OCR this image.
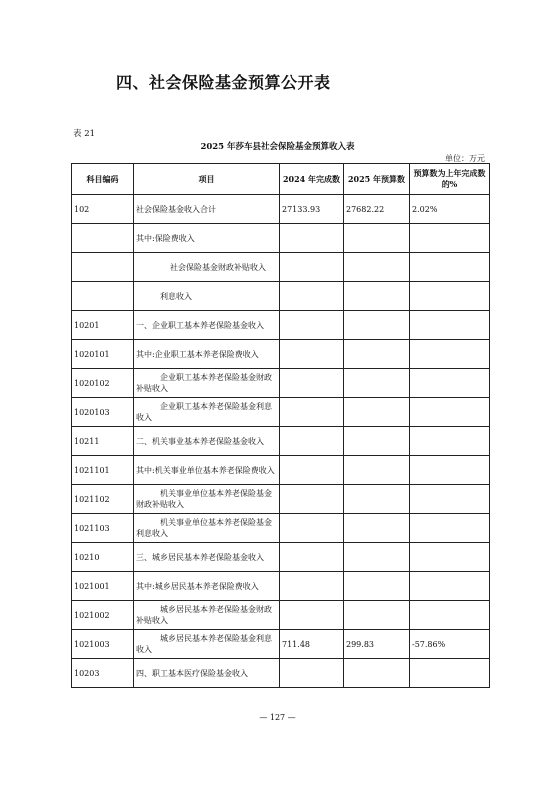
四、社会保险基金预算公开表
表 21
2025 年莎车县社会保险基金预算收入表
单位：万元
科目编码	项目	2024 年完成数	2025 年预算数	预算数为上年完成数的%
102	社会保险基金收入合计	27133.93	27682.22	2.02%
	其中:保险费收入			
	社会保险基金财政补贴收入			
	利息收入			
10201	一、企业职工基本养老保险基金收入			
1020101	其中:企业职工基本养老保险费收入			
1020102	企业职工基本养老保险基金财政补贴收入			
1020103	企业职工基本养老保险基金利息收入			
10211	二、机关事业基本养老保险基金收入			
1021101	其中:机关事业单位基本养老保险费收入			
1021102	机关事业单位基本养老保险基金财政补贴收入			
1021103	机关事业单位基本养老保险基金利息收入			
10210	三、城乡居民基本养老保险基金收入			
1021001	其中:城乡居民基本养老保险费收入			
1021002	城乡居民基本养老保险基金财政补贴收入			
1021003	城乡居民基本养老保险基金利息收入	711.48	299.83	-57.86%
10203	四、职工基本医疗保险基金收入			
— 127 —
